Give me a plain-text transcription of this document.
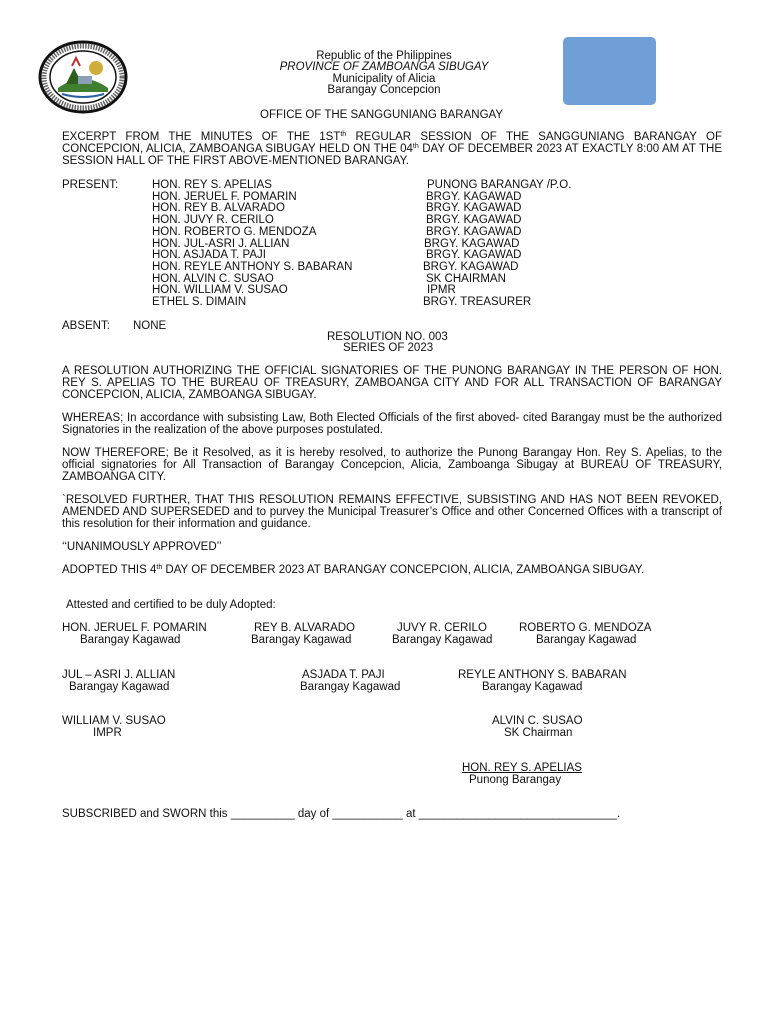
Republic of the Philippines
PROVINCE OF ZAMBOANGA SIBUGAY
Municipality of Alicia
Barangay Concepcion
OFFICE OF THE SANGGUNIANG BARANGAY
EXCERPT FROM THE MINUTES OF THE $1ST^{th}$ REGULAR SESSION OF THE SANGGUNIANG BARANGAY OF CONCEPCION, ALICIA, ZAMBOANGA SIBUGAY HELD ON THE 04th DAY OF DECEMBER 2023 AT EXACTLY 8:00 AM AT THE SESSION HALL OF THE FIRST ABOVE-MENTIONED BARANGAY.
PRESENT:	HON. REY S. APELIAS	PUNONG BARANGAY /P.O.
HON. JERUEL F. POMARIN	BRGY. KAGAWAD
HON. REY B. ALVARADO	BRGY. KAGAWAD
HON. JUVY R. CERILO	BRGY. KAGAWAD
HON. ROBERTO G. MENDOZA	BRGY. KAGAWAD
HON. JUL-ASRI J. ALLIAN	BRGY. KAGAWAD
HON. ASJADA T. PAJI	BRGY. KAGAWAD
HON. REYLE ANTHONY S. BABARAN	BRGY. KAGAWAD
HON. ALVIN C. SUSAO	SK CHAIRMAN
HON. WILLIAM V. SUSAO	IPMR
ETHEL S. DIMAIN	BRGY. TREASURER
ABSENT: NONE
RESOLUTION NO. 003
SERIES OF 2023
A RESOLUTION AUTHORIZING THE OFFICIAL SIGNATORIES OF THE PUNONG BARANGAY IN THE PERSON OF HON. REY S. APELIAS TO THE BUREAU OF TREASURY, ZAMBOANGA CITY AND FOR ALL TRANSACTION OF BARANGAY CONCEPCION, ALICIA, ZAMBOANGA SIBUGAY.
WHEREAS; In accordance with subsisting Law, Both Elected Officials of the first aboved- cited Barangay must be the authorized Signatories in the realization of the above purposes postulated.
NOW THEREFORE; Be it Resolved, as it is hereby resolved, to authorize the Punong Barangay Hon. Rey S. Apelias, to the official signatories for All Transaction of Barangay Concepcion, Alicia, Zamboanga Sibugay at BUREAU OF TREASURY, ZAMBOANGA CITY.
`RESOLVED FURTHER, THAT THIS RESOLUTION REMAINS EFFECTIVE, SUBSISTING AND HAS NOT BEEN REVOKED, AMENDED AND SUPERSEDED and to purvey the Municipal Treasurer’s Office and other Concerned Offices with a transcript of this resolution for their information and guidance.
‘‘UNANIMOUSLY APPROVED’’
ADOPTED THIS 4th DAY OF DECEMBER 2023 AT BARANGAY CONCEPCION, ALICIA, ZAMBOANGA SIBUGAY.
Attested and certified to be duly Adopted:
HON. JERUEL F. POMARIN
Barangay Kagawad
REY B. ALVARADO
Barangay Kagawad
JUVY R. CERILO
Barangay Kagawad
ROBERTO G. MENDOZA
Barangay Kagawad
JUL – ASRI J. ALLIAN
Barangay Kagawad
ASJADA T. PAJI
Barangay Kagawad
REYLE ANTHONY S. BABARAN
Barangay Kagawad
WILLIAM V. SUSAO
IMPR
ALVIN C. SUSAO
SK Chairman
HON. REY S. APELIAS
Punong Barangay
SUBSCRIBED and SWORN this __________ day of ___________ at _______________________________.
